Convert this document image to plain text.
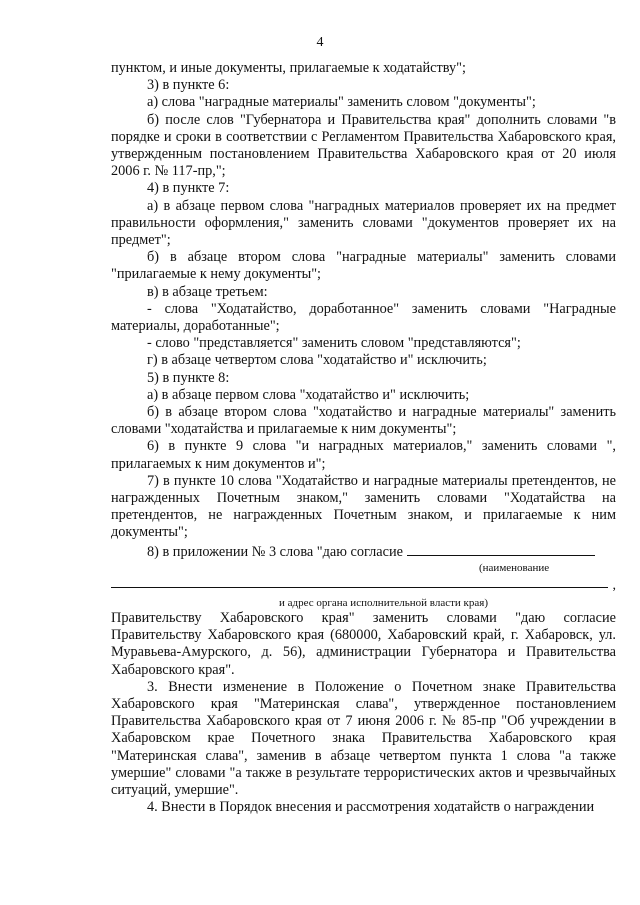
4

пунктом, и иные документы, прилагаемые к ходатайству";

3) в пункте 6:

а) слова "наградные материалы" заменить словом "документы";

б) после слов "Губернатора и Правительства края" дополнить словами "в порядке и сроки в соответствии с Регламентом Правительства Хабаровского края, утвержденным постановлением Правительства Хабаровского края от 20 июля 2006 г. № 117-пр,";

4) в пункте 7:

а) в абзаце первом слова "наградных материалов проверяет их на предмет правильности оформления," заменить словами "документов проверяет их на предмет";

б) в абзаце втором слова "наградные материалы" заменить словами "прилагаемые к нему документы";

в) в абзаце третьем:

- слова "Ходатайство, доработанное" заменить словами "Наградные материалы, доработанные";

- слово "представляется" заменить словом "представляются";

г) в абзаце четвертом слова "ходатайство и" исключить;

5) в пункте 8:

а) в абзаце первом слова "ходатайство и" исключить;

б) в абзаце втором слова "ходатайство и наградные материалы" заменить словами "ходатайства и прилагаемые к ним документы";

6) в пункте 9 слова "и наградных материалов," заменить словами ", прилагаемых к ним документов и";

7) в пункте 10 слова "Ходатайство и наградные материалы претендентов, не награжденных Почетным знаком," заменить словами "Ходатайства на претендентов, не награжденных Почетным знаком, и прилагаемые к ним документы";

8) в приложении № 3 слова "даю согласие

(наименование

,

и адрес органа исполнительной власти края)

Правительству Хабаровского края" заменить словами "даю согласие Правительству Хабаровского края (680000, Хабаровский край, г. Хабаровск, ул. Муравьева-Амурского, д. 56), администрации Губернатора и Правительства Хабаровского края".

3. Внести изменение в Положение о Почетном знаке Правительства Хабаровского края "Материнская слава", утвержденное постановлением Правительства Хабаровского края от 7 июня 2006 г. № 85-пр "Об учреждении в Хабаровском крае Почетного знака Правительства Хабаровского края "Материнская слава", заменив в абзаце четвертом пункта 1 слова "а также умершие" словами "а также в результате террористических актов и чрезвычайных ситуаций, умершие".

4. Внести в Порядок внесения и рассмотрения ходатайств о награждении
